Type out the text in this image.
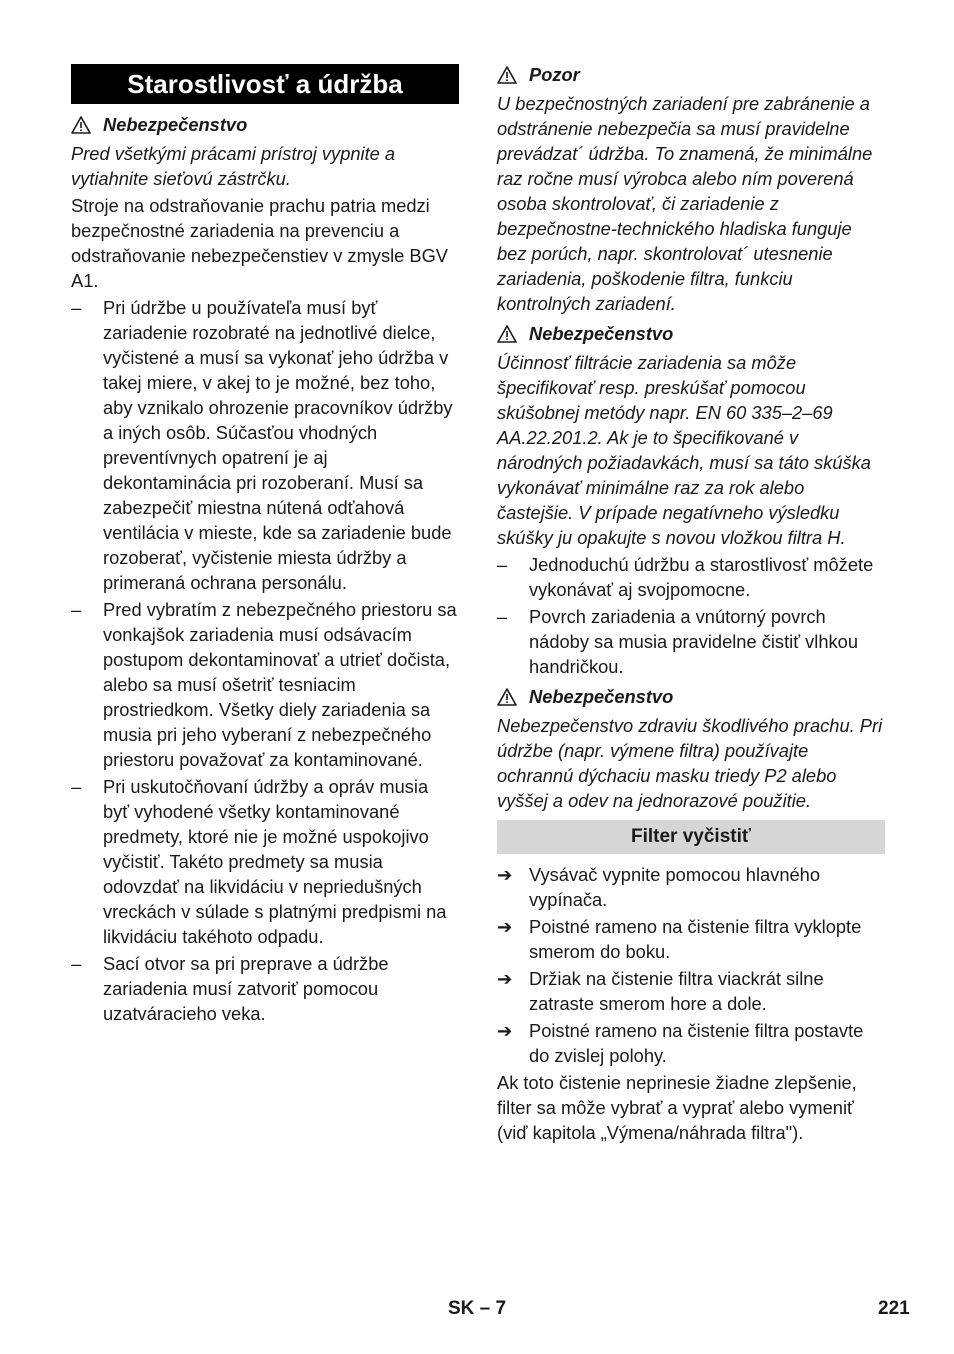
Starostlivosť a údržba
Nebezpečenstvo

Pred všetkými prácami prístroj vypnite a vytiahnite sieťovú zástrčku.

Stroje na odstraňovanie prachu patria medzi bezpečnostné zariadenia na prevenciu a odstraňovanie nebezpečenstiev v zmysle BGV A1.

– Pri údržbe u používateľa musí byť zariadenie rozobraté na jednotlivé dielce, vyčistené a musí sa vykonať jeho údržba v takej miere, v akej to je možné, bez toho, aby vznikalo ohrozenie pracovníkov údržby a iných osôb. Súčasťou vhodných preventívnych opatrení je aj dekontaminácia pri rozoberaní. Musí sa zabezpečiť miestna nútená odťahová ventilácia v mieste, kde sa zariadenie bude rozoberať, vyčistenie miesta údržby a primeraná ochrana personálu.
– Pred vybratím z nebezpečného priestoru sa vonkajšok zariadenia musí odsávacím postupom dekontaminovať a utrieť dočista, alebo sa musí ošetriť tesniacim prostriedkom. Všetky diely zariadenia sa musia pri jeho vyberaní z nebezpečného priestoru považovať za kontaminované.
– Pri uskutočňovaní údržby a opráv musia byť vyhodené všetky kontaminované predmety, ktoré nie je možné uspokojivo vyčistiť. Takéto predmety sa musia odovzdať na likvidáciu v nepriedušných vreckách v súlade s platnými predpismi na likvidáciu takéhoto odpadu.
– Sací otvor sa pri preprave a údržbe zariadenia musí zatvoriť pomocou uzatváracieho veka.
Pozor

U bezpečnostných zariadení pre zabránenie a odstránenie nebezpečia sa musí pravidelne prevádzat´ údržba. To znamená, že minimálne raz ročne musí výrobca alebo ním poverená osoba skontrolovať, či zariadenie z bezpečnostne-technického hladiska funguje bez porúch, napr. skontrolovat´ utesnenie zariadenia, poškodenie filtra, funkciu kontrolných zariadení.

Nebezpečenstvo

Účinnosť filtrácie zariadenia sa môže špecifikovať resp. preskúšať pomocou skúšobnej metódy napr. EN 60 335–2–69 AA.22.201.2. Ak je to špecifikované v národných požiadavkách, musí sa táto skúška vykonávať minimálne raz za rok alebo častejšie. V prípade negatívneho výsledku skúšky ju opakujte s novou vložkou filtra H.

– Jednoduchú údržbu a starostlivosť môžete vykonávať aj svojpomocne.
– Povrch zariadenia a vnútorný povrch nádoby sa musia pravidelne čistiť vlhkou handričkou.
Nebezpečenstvo

Nebezpečenstvo zdraviu škodlivého prachu. Pri údržbe (napr. výmene filtra) používajte ochrannú dýchaciu masku triedy P2 alebo vyššej a odev na jednorazové použitie.

Filter vyčistiť
➔ Vysávač vypnite pomocou hlavného vypínača.
➔ Poistné rameno na čistenie filtra vyklopte smerom do boku.
➔ Držiak na čistenie filtra viackrát silne zatraste smerom hore a dole.
➔ Poistné rameno na čistenie filtra postavte do zvislej polohy.

Ak toto čistenie neprinesie žiadne zlepšenie, filter sa môže vybrať a vyprať alebo vymeniť (viď kapitola „Výmena/náhrada filtra").

SK – 7	221
